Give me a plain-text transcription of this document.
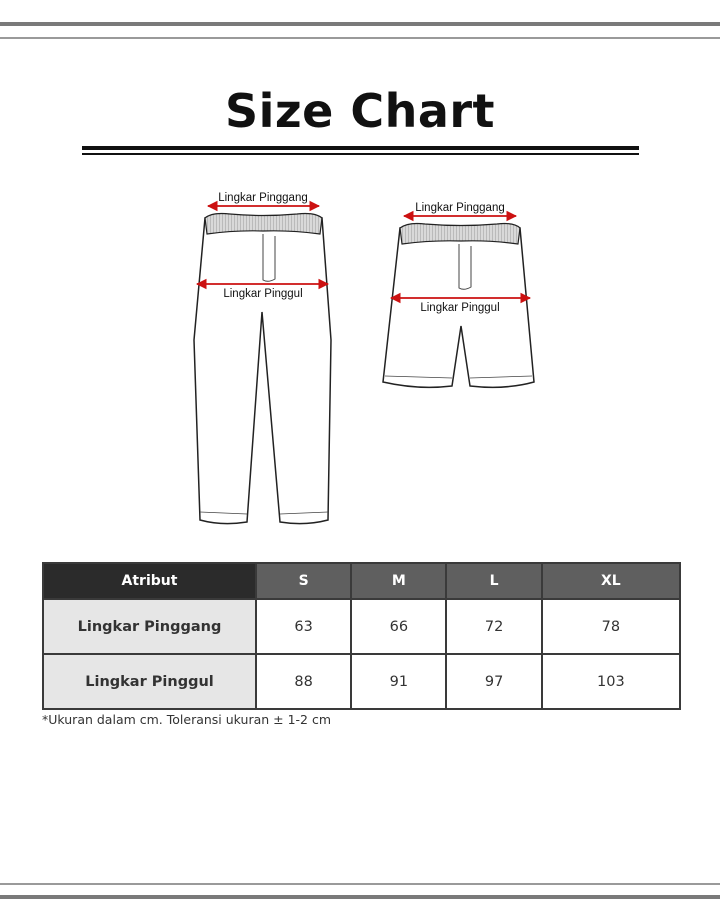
Size Chart
Lingkar Pinggang
Lingkar Pinggul
Lingkar Pinggang
Lingkar Pinggul
Atribut	S	M	L	XL
Lingkar Pinggang	63	66	72	78
Lingkar Pinggul	88	91	97	103
*Ukuran dalam cm. Toleransi ukuran ± 1-2 cm
